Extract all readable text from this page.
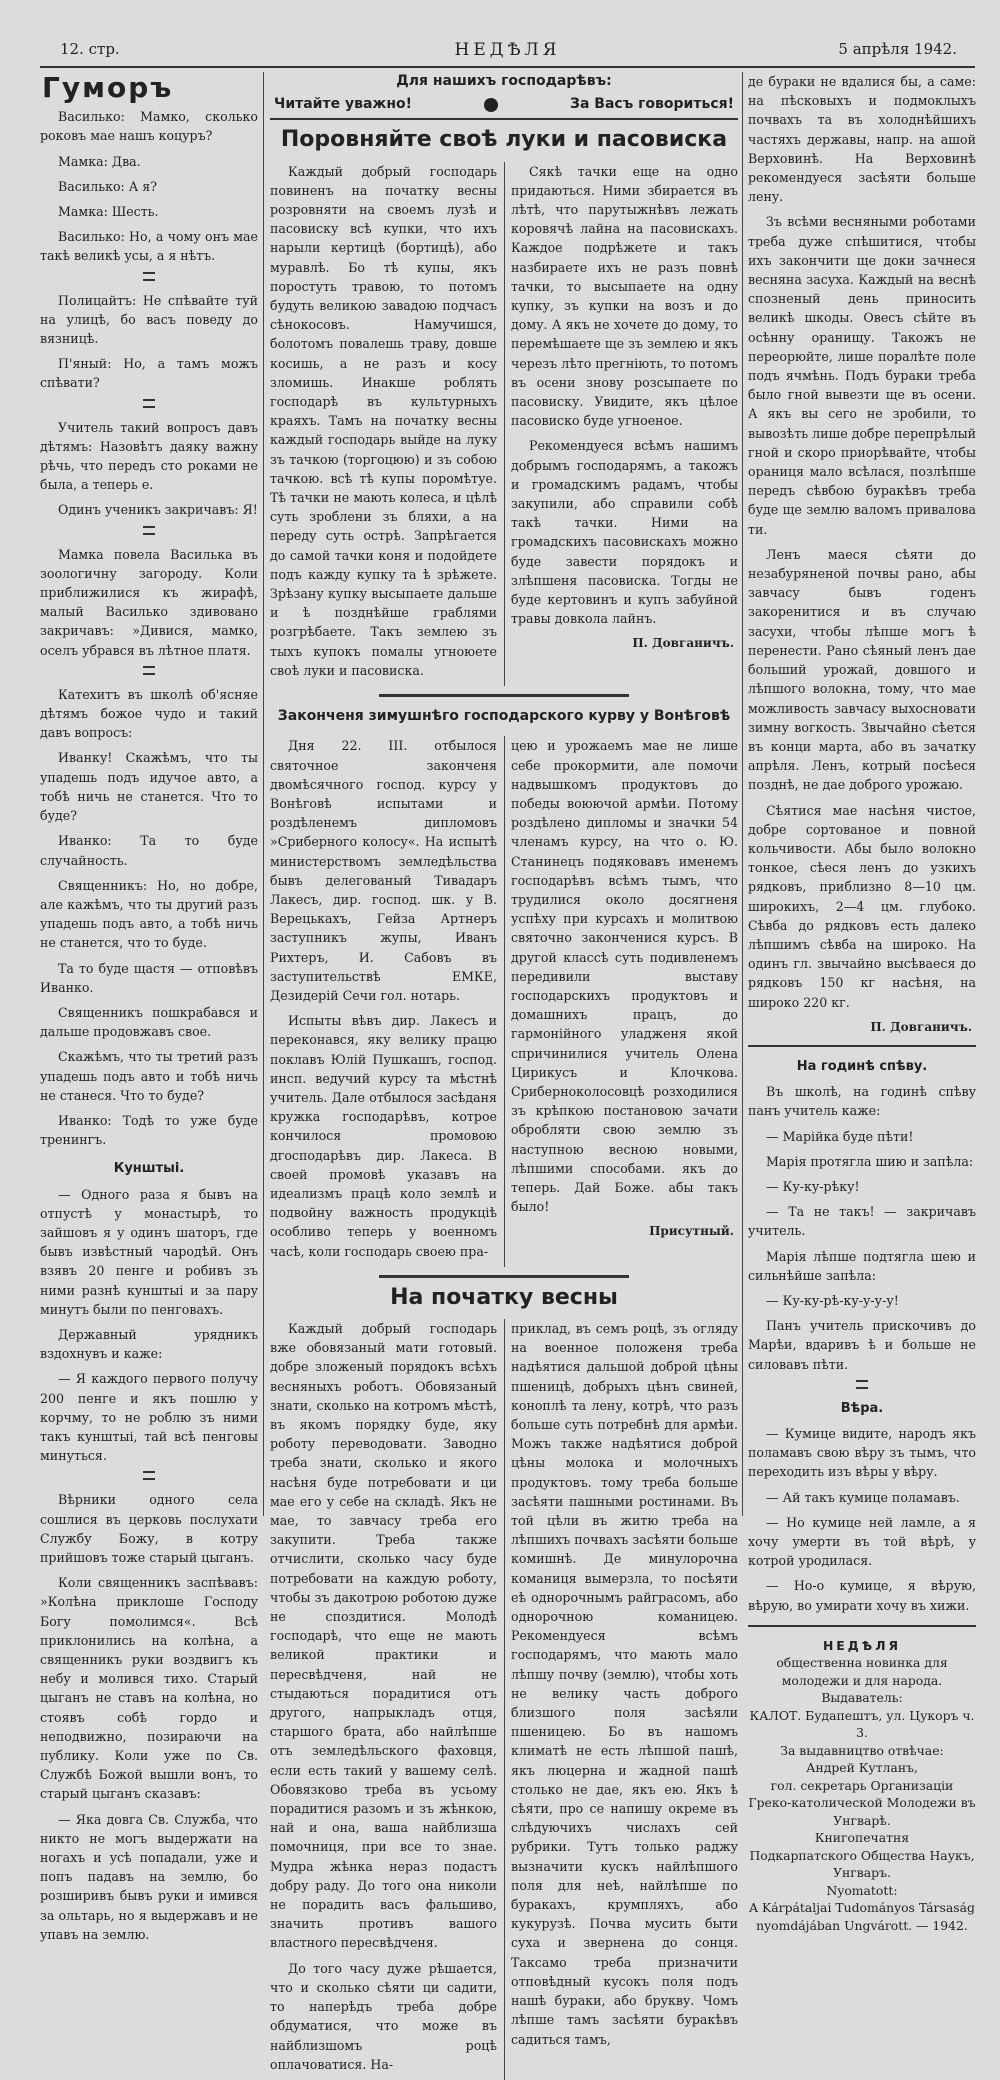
12. стр.	НЕДѢЛЯ	5 апрѣля 1942.
Гуморъ

Василько: Мамко, сколько роковъ мае нашъ коцуръ?

Мамка: Два.

Василько: А я?

Мамка: Шесть.

Василько: Но, а чому онъ мае такѣ великѣ усы, а я нѣтъ.

Полицайтъ: Не спѣвайте туй на улицѣ, бо васъ поведу до вязницѣ.

П'яный: Но, а тамъ можъ спѣвати?

Учитель такий вопросъ давъ дѣтямъ: Назовѣтъ даяку важну рѣчь, что передъ сто роками не была, а теперь е.

Одинъ ученикъ закричавъ: Я!

Мамка повела Василька въ зоологичну загороду. Коли приближилися къ жирафѣ, малый Василько здивовано закричавъ: »Дивися, мамко, оселъ убрався въ лѣтное платя.

Катехитъ въ школѣ об'ясняе дѣтямъ божое чудо и такий давъ вопросъ:

Иванку! Скажѣмъ, что ты упадешь подъ идучое авто, а тобѣ ничь не станется. Что то буде?

Иванко: Та то буде случайность.

Священникъ: Но, но добре, але кажѣмъ, что ты другий разъ упадешь подъ авто, а тобѣ ничь не станется, что то буде.

Та то буде щастя — отповѣвъ Иванко.

Священникъ пошкрабався и дальше продовжавъ свое.

Скажѣмъ, что ты третий разъ упадешь подъ авто и тобѣ ничь не станеся. Что то буде?

Иванко: Тодѣ то уже буде тренингъ.

Кунштыi.

— Одного раза я бывъ на отпустѣ у монастырѣ, то зайшовъ я у одинъ шаторъ, где бывъ извѣстный чародѣй. Онъ взявъ 20 пенге и робивъ зъ ними разнѣ кунштыi и за пару минутъ были по пенговахъ.

Державный урядникъ вздохнувъ и каже:

— Я каждого первого получу 200 пенге и якъ пошлю у корчму, то не роблю зъ ними такъ кунштыi, тай всѣ пенговы минуться.

Вѣрники одного села сошлися въ церковь послухати Службу Божу, в котру прийшовъ тоже старый цыганъ.

Коли священникъ заспѣвавъ: »Колѣна приклоше Господу Богу помолимся«. Всѣ приклонились на колѣна, а священникъ руки воздвигъ къ небу и молився тихо. Старый цыганъ не ставъ на колѣна, но стоявъ собѣ гордо и неподвижно, позираючи на публику. Коли уже по Св. Службѣ Божой вышли вонъ, то старый цыганъ сказавъ:

— Яка довга Св. Служба, что никто не могъ выдержати на ногахъ и усѣ попадали, уже и попъ падавъ на землю, бо розширивъ бывъ руки и имився за ольтарь, но я выдержавъ и не упавъ на землю.

Для нашихъ господарѣвъ:
Читайте уважно!	За Васъ говориться!
Поровняйте своѣ луки и пасовиска

Каждый добрый господарь повиненъ на початку весны розровняти на своемъ лузѣ и пасовиску всѣ купки, что ихъ нарыли кертицѣ (бортицѣ), або муравлѣ. Бо тѣ купы, якъ поростуть травою, то потомъ будуть великою завадою подчасъ сѣнокосовъ. Намучишся, болотомъ повалешь травy, довше косишь, а не разъ и косу зломишь. Инакше роблять господарѣ въ культурныхъ краяхъ. Тамъ на початку весны каждый господарь выйде на луку зъ тачкою (торгоцюю) и зъ собою тачкою. всѣ тѣ купы поромѣтуе. Тѣ тачки не мають колеса, и цѣлѣ суть зроблени зъ бляхи, а на переду суть острѣ. Запрѣгается до самой тачки коня и подойдете подъ кажду купку та ѣ зрѣжете. Зрѣзану купку высыпаете дальше и ѣ позднѣйше граблями розгрѣбаете. Такъ землею зъ тыхъ купокъ помалы угноюете своѣ луки и пасовиска.

Сякѣ тачки еще на одно придаються. Ними збирается въ лѣтѣ, что парутыжнѣвъ лежать коровячѣ лайна на пасовискахъ. Каждое подрѣжете и такъ назбираете ихъ не разъ повнѣ тачки, то высыпаете на одну купку, зъ купки на возъ и до дому. А якъ не хочете до дому, то перемѣшаете ще зъ землею и якъ черезъ лѣто прегніють, то потомъ въ осени знову розсыпаете по пасовиску. Увидите, якъ цѣлое пасовиско буде угноеное.

Рекомендуеся всѣмъ нашимъ добрымъ господарямъ, а такожъ и громадскимъ радамъ, чтобы закупили, або справили собѣ такѣ тачки. Ними на громадскихъ пасовискахъ можно буде завести порядокъ и злѣпшеня пасовиска. Тогды не буде кертовинъ и купъ забуйной травы довкола лайнъ.

П. Довганичъ.
Законченя зимушнѣго господарского курву у Вонѣговѣ

Дня 22. III. отбылося святочное законченя двомѣсячного господ. курсу у Вонѣговѣ испытами и роздѣленемъ дипломовъ »Сриберного колосу«. На испытѣ министерствомъ земледѣльства бывъ делегованый Тивадаръ Лакесъ, дир. господ. шк. у В. Верецькахъ, Гейза Артнеръ заступникъ жупы, Иванъ Рихтеръ, И. Сабовъ въ заступительствѣ ЕМКЕ, Дезидерій Сечи гол. нотарь.

Испыты вѣвъ дир. Лакесъ и переконався, яку велику працю поклавъ Юлій Пушкашъ, господ. инсп. ведучий курсу та мѣстнѣ учитель. Дале отбылося засѣданя кружка господарѣвъ, котрое кончилося промовою дгосподарѣвъ дир. Лакеса. В своей промовѣ указавъ на идеализмъ працѣ коло землѣ и подвойну важность продукціѣ особливо теперь у военномъ часѣ, коли господарь своею пра-

цею и урожаемъ мае не лише себе прокормити, але помочи надвышкомъ продуктовъ до победы воюючой армѣи. Потому роздѣлено дипломы и значки 54 членамъ курсу, на что о. Ю. Станинецъ подяковавъ именемъ господарѣвъ всѣмъ тымъ, что трудилися около досягненя успѣху при курсахъ и молитвою святочно законченися курсъ. В другой классѣ суть подивленемъ передивили выставу господарскихъ продуктовъ и домашнихъ працъ, до гармонійного уладженя якой спричинилися учитель Олена Цирикусъ и Клочкова. Сриберноколосовцѣ розходилися зъ крѣпкою постановою зачати обробляти свою землю зъ наступною весною новыми, лѣпшими способами. якъ до теперь. Дай Боже. абы такъ было!

Присутный.
На початку весны

Каждый добрый господарь вже обовязаный мати готовый. добре зложеный порядокъ всѣхъ весняныхъ роботъ. Обовязаный знати, сколько на котромъ мѣстѣ, въ якомъ порядку буде, яку роботу переводовати. Заводно треба знати, сколько и якого насѣня буде потребовати и ци мае его у себе на складѣ. Якъ не мае, то завчасу треба его закупити. Треба также отчислити, сколько часу буде потребовати на каждую роботу, чтобы зъ дакотрою роботою дуже не споздитися. Молодѣ господарѣ, что еще не мають великой практики и пересвѣдченя, най не стыдаються порадитися отъ другого, напрыкладъ отця, старшого брата, або найлѣпше отъ земледѣльского фаховця, если есть такий у вашему селѣ. Обовязково треба въ усьому порадитися разомъ и зъ жѣнкою, най и она, ваша найблизша помочниця, при все то знае. Мудра жѣнка нераз подастъ добру раду. До того она николи не порадить васъ фальшиво, значить противъ вашого властного пересвѣдченя.

До того часу дуже рѣшается, что и сколько сѣяти ци садити, то наперѣдъ треба добре обдуматися, что може въ найблизшомъ роцѣ оплачоватися. На-

приклад, въ семъ роцѣ, зъ огляду на военное положеня треба надѣятися дальшой доброй цѣны пшеницѣ, добрыхъ цѣнъ свиней, коноплѣ та лену, котрѣ, что разъ больше суть потребнѣ для армѣи. Можъ также надѣятися доброй цѣны молока и молочныхъ продуктовъ. тому треба больше засѣяти пашными ростинами. Въ той цѣли въ житю треба на лѣпшихъ почвахъ засѣяти больше комишнѣ. Де минулорочна команиця вымерзла, то посѣяти еѣ однорочнымъ райграсомъ, або однорочною команицею. Рекомендуеся всѣмъ господарямъ, что мають мало лѣпшу почву (землю), чтобы хоть не велику часть доброго близшого поля засѣяли пшеницею. Бо въ нашомъ климатѣ не есть лѣпшой пашѣ, якъ люцерна и жадной пашѣ столько не дае, якъ ею. Якъ ѣ сѣяти, про се напишу окреме въ слѣдуючихъ числахъ сей рубрики. Тутъ только раджу вызначити кускъ найлѣпшого поля для неѣ, найлѣпше по буракахъ, крумпляхъ, або кукурузѣ. Почва мусить быти суха и звернена до сонця. Таксамо треба призначити отповѣдный кусокъ поля подъ нашѣ бураки, або брукву. Чомъ лѣпше тамъ засѣяти буракѣвъ садиться тамъ,

де бураки не вдалися бы, а саме: на пѣсковыхъ и подмоклыхъ почвахъ та въ холоднѣйшихъ частяхъ державы, напр. на ашой Верховинѣ. На Верховинѣ рекомендуеся засѣяти больше лену.

Зъ всѣми весняными роботами треба дуже спѣшитися, чтобы ихъ закончити ще доки зачнеся весняна засуха. Каждый на веснѣ спозненый день приносить великѣ шкоды. Овесъ сѣйте въ осѣнну оранищу. Такожъ не переорюйте, лише поралѣте поле подъ ячмѣнь. Подъ бураки треба было гной вывезти ще въ осени. А якъ вы сего не зробили, то вывозѣть лише добре перепрѣлый гной и скоро приорѣвайте, чтобы ораниця мало всѣлася, позлѣпше передъ сѣвбою буракѣвъ треба буде ще землю валомъ привалова ти.

Ленъ маеся сѣяти до незабуряненой почвы рано, абы завчасу бывъ годенъ закоренитися и въ случаю засухи, чтобы лѣпше могъ ѣ перенести. Рано сѣяный ленъ дае больший урожай, довшого и лѣпшого волокна, тому, что мае можливость завчасу выхосновати зимну вогкость. Звычайно сѣется въ конци марта, або въ зачатку апрѣля. Ленъ, котрый посѣеся позднѣ, не дае доброго урожаю.

Сѣятися мае насѣня чистое, добре сортованое и повной кольчивости. Абы было волокно тонкое, сѣеся ленъ до узкихъ рядковъ, приблизно 8—10 цм. широкихъ, 2—4 цм. глубоко. Сѣвба до рядковъ есть далеко лѣпшимъ сѣвба на широко. На одинъ гл. звычайно высѣваеся до рядковъ 150 кг насѣня, на широко 220 кг.

П. Довганичъ.
На годинѣ спѣву.

Въ школѣ, на годинѣ спѣву панъ учитель каже:

— Марійка буде пѣти!

Марія протягла шию и запѣла:

— Ку-ку-рѣку!

— Та не такъ! — закричавъ учитель.

Марія лѣпше подтягла шею и сильнѣйше запѣла:

— Ку-ку-рѣ-ку-у-у-у!

Панъ учитель прискочивъ до Марѣи, вдаривъ ѣ и больше не силовавъ пѣти.

Вѣра.

— Кумице видите, народъ якъ поламавъ свою вѣру зъ тымъ, что переходить изъ вѣры у вѣру.

— Ай такъ кумице поламавъ.

— Но кумице ней ламле, а я хочу умерти въ той вѣрѣ, у котрой уродилася.

— Но-о кумице, я вѣрую, вѣрую, во умирати хочу въ хижи.

НЕДѢЛЯ
общественна новинка для молодежи и для народа.
Выдаватель:
КАЛОТ. Будапештъ, ул. Цукоръ ч. 3.
За выдавництво отвѣчае:
Андрей Кутланъ,
гол. секретарь Организаціи Греко-католической Молодежи въ Унгварѣ.
Книгопечатня
Подкарпатского Общества Наукъ,
Унгваръ.
Nyomatott:
A Kárpátaljai Tudományos Társaság nyomdájában Ungvárott. — 1942.
